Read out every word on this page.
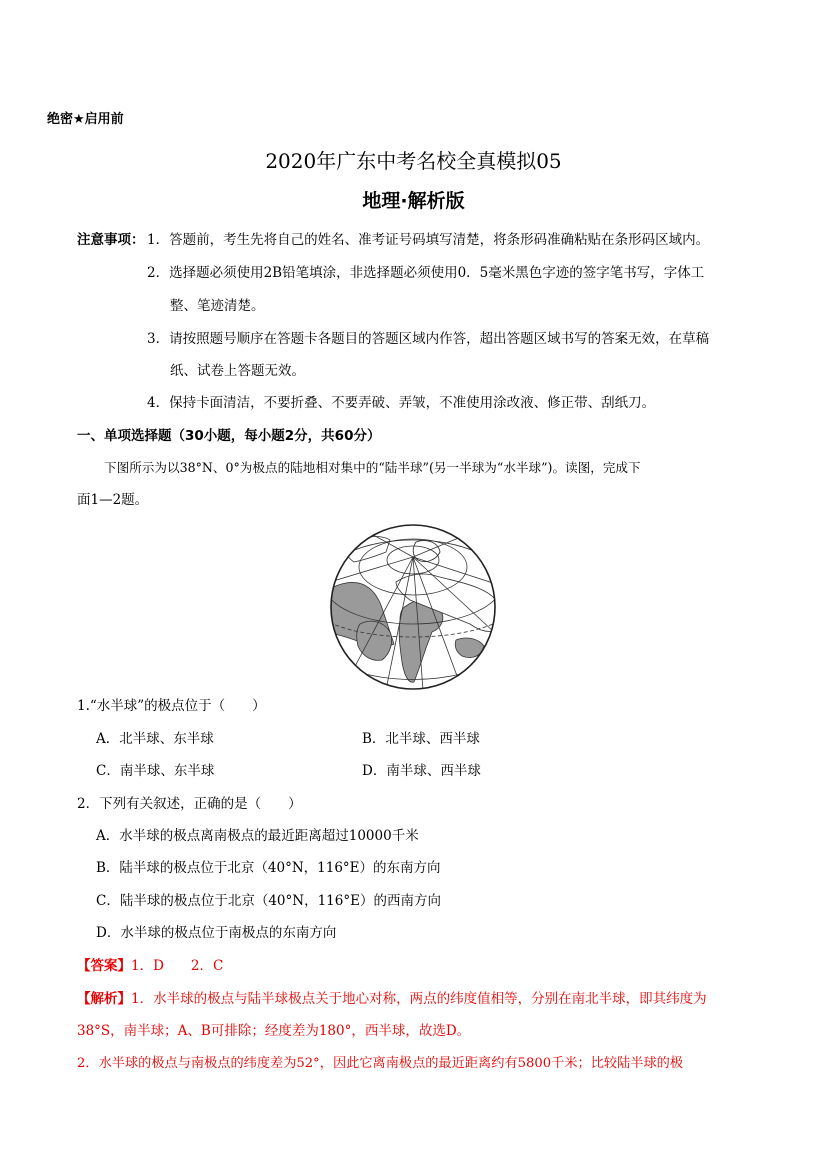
绝密★启用前
2020年广东中考名校全真模拟05
地理·解析版
注意事项： 1．答题前，考生先将自己的姓名、准考证号码填写清楚，将条形码准确粘贴在条形码区域内。
2．选择题必须使用2B铅笔填涂，非选择题必须使用0．5毫米黑色字迹的签字笔书写，字体工
整、笔迹清楚。
3．请按照题号顺序在答题卡各题目的答题区域内作答，超出答题区域书写的答案无效，在草稿
纸、试卷上答题无效。
4．保持卡面清洁，不要折叠、不要弄破、弄皱，不准使用涂改液、修正带、刮纸刀。
一、单项选择题（30小题，每小题2分，共60分）
下图所示为以38°N、0°为极点的陆地相对集中的“陆半球”(另一半球为“水半球”)。读图，完成下
面1—2题。
1.“水半球”的极点位于（　　）
A．北半球、东半球	B．北半球、西半球
C．南半球、东半球	D．南半球、西半球
2．下列有关叙述，正确的是（　　）
A．水半球的极点离南极点的最近距离超过10000千米
B．陆半球的极点位于北京（40°N，116°E）的东南方向
C．陆半球的极点位于北京（40°N，116°E）的西南方向
D．水半球的极点位于南极点的东南方向
【答案】1．D　　2．C
【解析】1．水半球的极点与陆半球极点关于地心对称，两点的纬度值相等，分别在南北半球，即其纬度为
38°S，南半球；A、B可排除；经度差为180°，西半球，故选D。
2．水半球的极点与南极点的纬度差为52°，因此它离南极点的最近距离约有5800千米；比较陆半球的极
